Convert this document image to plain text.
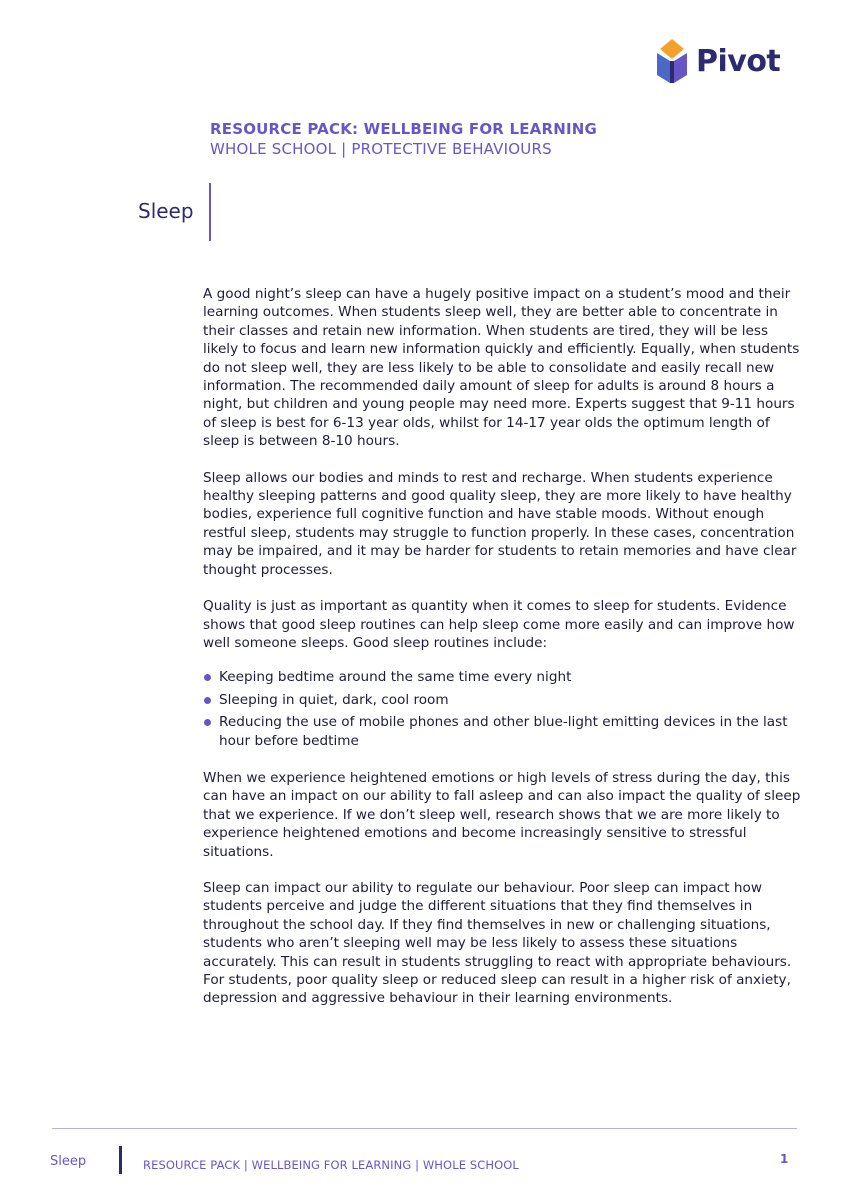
Pivot
RESOURCE PACK: WELLBEING FOR LEARNING
WHOLE SCHOOL | PROTECTIVE BEHAVIOURS
Sleep

A good night’s sleep can have a hugely positive impact on a student’s mood and their learning outcomes. When students sleep well, they are better able to concentrate in their classes and retain new information. When students are tired, they will be less likely to focus and learn new information quickly and efficiently. Equally, when students do not sleep well, they are less likely to be able to consolidate and easily recall new information. The recommended daily amount of sleep for adults is around 8 hours a night, but children and young people may need more. Experts suggest that 9-11 hours of sleep is best for 6-13 year olds, whilst for 14-17 year olds the optimum length of sleep is between 8-10 hours.

Sleep allows our bodies and minds to rest and recharge. When students experience healthy sleeping patterns and good quality sleep, they are more likely to have healthy bodies, experience full cognitive function and have stable moods. Without enough restful sleep, students may struggle to function properly. In these cases, concentration may be impaired, and it may be harder for students to retain memories and have clear thought processes.

Quality is just as important as quantity when it comes to sleep for students. Evidence shows that good sleep routines can help sleep come more easily and can improve how well someone sleeps. Good sleep routines include:

Keeping bedtime around the same time every night
Sleeping in quiet, dark, cool room
Reducing the use of mobile phones and other blue-light emitting devices in the last hour before bedtime

When we experience heightened emotions or high levels of stress during the day, this can have an impact on our ability to fall asleep and can also impact the quality of sleep that we experience. If we don’t sleep well, research shows that we are more likely to experience heightened emotions and become increasingly sensitive to stressful situations.

Sleep can impact our ability to regulate our behaviour. Poor sleep can impact how students perceive and judge the different situations that they find themselves in throughout the school day. If they find themselves in new or challenging situations, students who aren’t sleeping well may be less likely to assess these situations accurately. This can result in students struggling to react with appropriate behaviours. For students, poor quality sleep or reduced sleep can result in a higher risk of anxiety, depression and aggressive behaviour in their learning environments.

Sleep	RESOURCE PACK | WELLBEING FOR LEARNING | WHOLE SCHOOL	1
